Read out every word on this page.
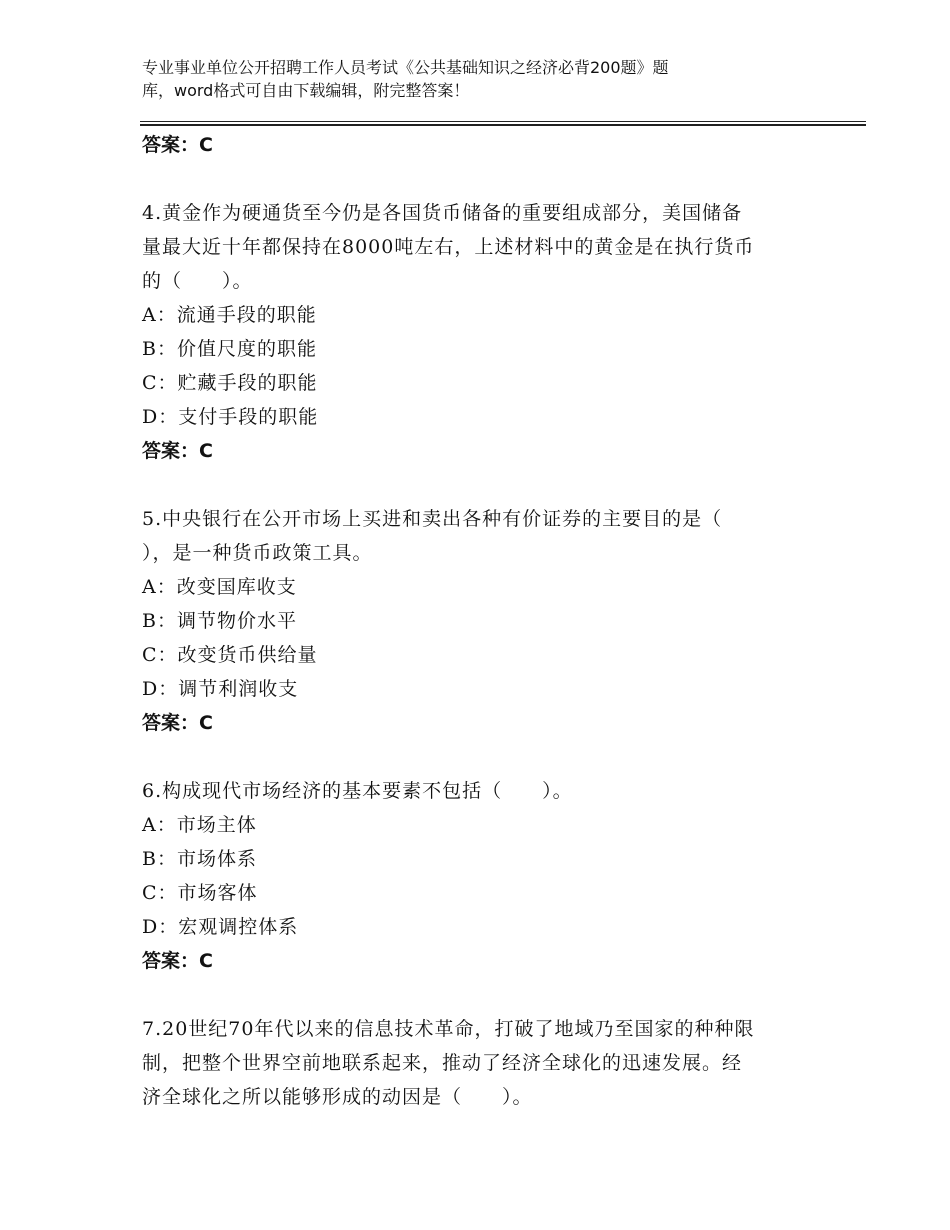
专业事业单位公开招聘工作人员考试《公共基础知识之经济必背200题》题
库，word格式可自由下载编辑，附完整答案！
答案：C
4.黄金作为硬通货至今仍是各国货币储备的重要组成部分，美国储备
量最大近十年都保持在8000吨左右，上述材料中的黄金是在执行货币
的（　　）。
A：流通手段的职能
B：价值尺度的职能
C：贮藏手段的职能
D：支付手段的职能
答案：C
5.中央银行在公开市场上买进和卖出各种有价证券的主要目的是（
），是一种货币政策工具。
A：改变国库收支
B：调节物价水平
C：改变货币供给量
D：调节利润收支
答案：C
6.构成现代市场经济的基本要素不包括（　　）。
A：市场主体
B：市场体系
C：市场客体
D：宏观调控体系
答案：C
7.20世纪70年代以来的信息技术革命，打破了地域乃至国家的种种限
制，把整个世界空前地联系起来，推动了经济全球化的迅速发展。经
济全球化之所以能够形成的动因是（　　）。
